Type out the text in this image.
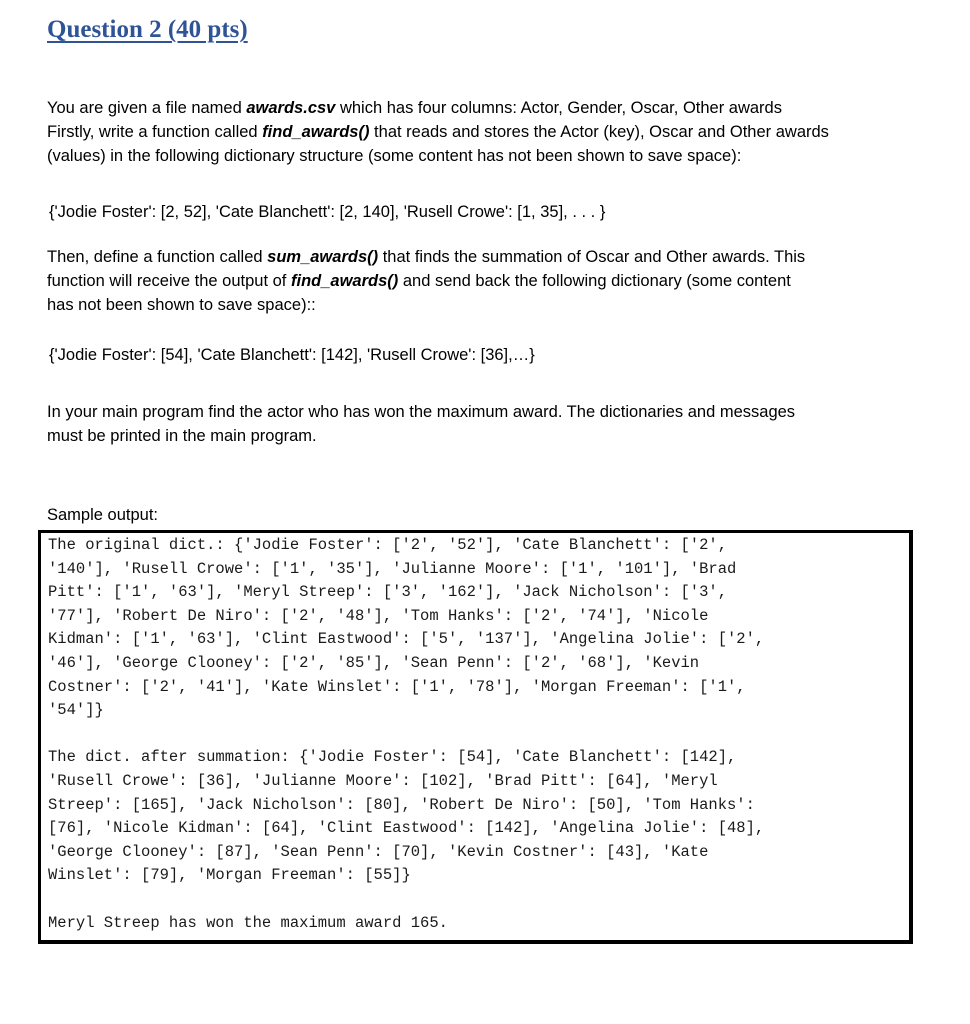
Question 2 (40 pts)

You are given a file named awards.csv which has four columns: Actor, Gender, Oscar, Other awards
Firstly, write a function called find_awards() that reads and stores the Actor (key), Oscar and Other awards
(values) in the following dictionary structure (some content has not been shown to save space):

{'Jodie Foster': [2, 52], 'Cate Blanchett': [2, 140], 'Rusell Crowe': [1, 35], . . . }

Then, define a function called sum_awards() that finds the summation of Oscar and Other awards. This
function will receive the output of find_awards() and send back the following dictionary (some content
has not been shown to save space)::

{'Jodie Foster': [54], 'Cate Blanchett': [142], 'Rusell Crowe': [36],…}

In your main program find the actor who has won the maximum award. The dictionaries and messages
must be printed in the main program.

Sample output:

The original dict.: {'Jodie Foster': ['2', '52'], 'Cate Blanchett': ['2',
'140'], 'Rusell Crowe': ['1', '35'], 'Julianne Moore': ['1', '101'], 'Brad
Pitt': ['1', '63'], 'Meryl Streep': ['3', '162'], 'Jack Nicholson': ['3',
'77'], 'Robert De Niro': ['2', '48'], 'Tom Hanks': ['2', '74'], 'Nicole
Kidman': ['1', '63'], 'Clint Eastwood': ['5', '137'], 'Angelina Jolie': ['2',
'46'], 'George Clooney': ['2', '85'], 'Sean Penn': ['2', '68'], 'Kevin
Costner': ['2', '41'], 'Kate Winslet': ['1', '78'], 'Morgan Freeman': ['1',
'54']}
The dict. after summation: {'Jodie Foster': [54], 'Cate Blanchett': [142],
'Rusell Crowe': [36], 'Julianne Moore': [102], 'Brad Pitt': [64], 'Meryl
Streep': [165], 'Jack Nicholson': [80], 'Robert De Niro': [50], 'Tom Hanks':
[76], 'Nicole Kidman': [64], 'Clint Eastwood': [142], 'Angelina Jolie': [48],
'George Clooney': [87], 'Sean Penn': [70], 'Kevin Costner': [43], 'Kate
Winslet': [79], 'Morgan Freeman': [55]}
Meryl Streep has won the maximum award 165.
